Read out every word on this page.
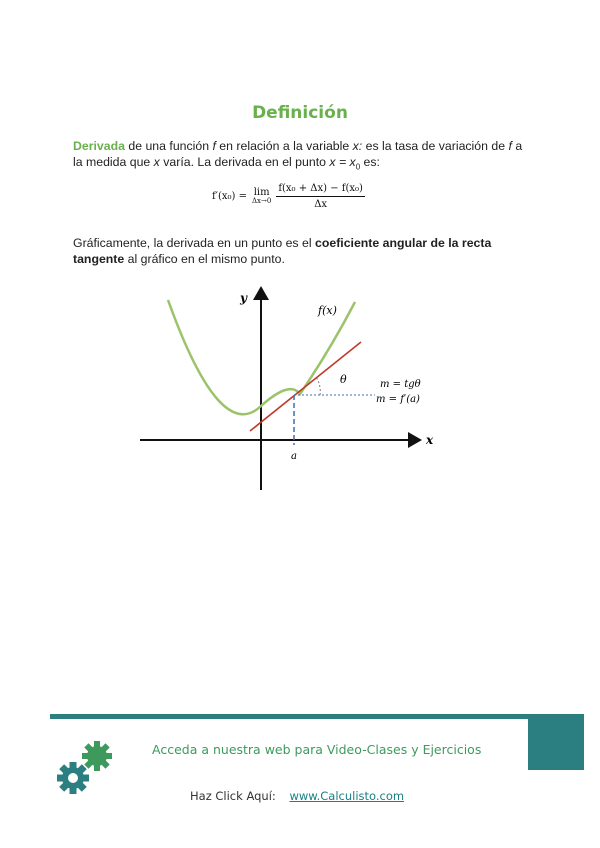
Definición
Derivada de una función f en relación a la variable x: es la tasa de variación de f a la medida que x varía. La derivada en el punto $x = x_0$ es:
f′(x₀) = lim
$\Delta x\to 0 \frac{\text{f(x₀ + Δx) − f(x₀)}}{\Delta x}$
Gráficamente, la derivada en un punto es el coeficiente angular de la recta tangente al gráfico en el mismo punto.
y
x
f(x)
θ	m = tgθ
m = f′(a)
a
Acceda a nuestra web para Video-Clases y Ejercicios
Haz Click Aquí: www.Calculisto.com
